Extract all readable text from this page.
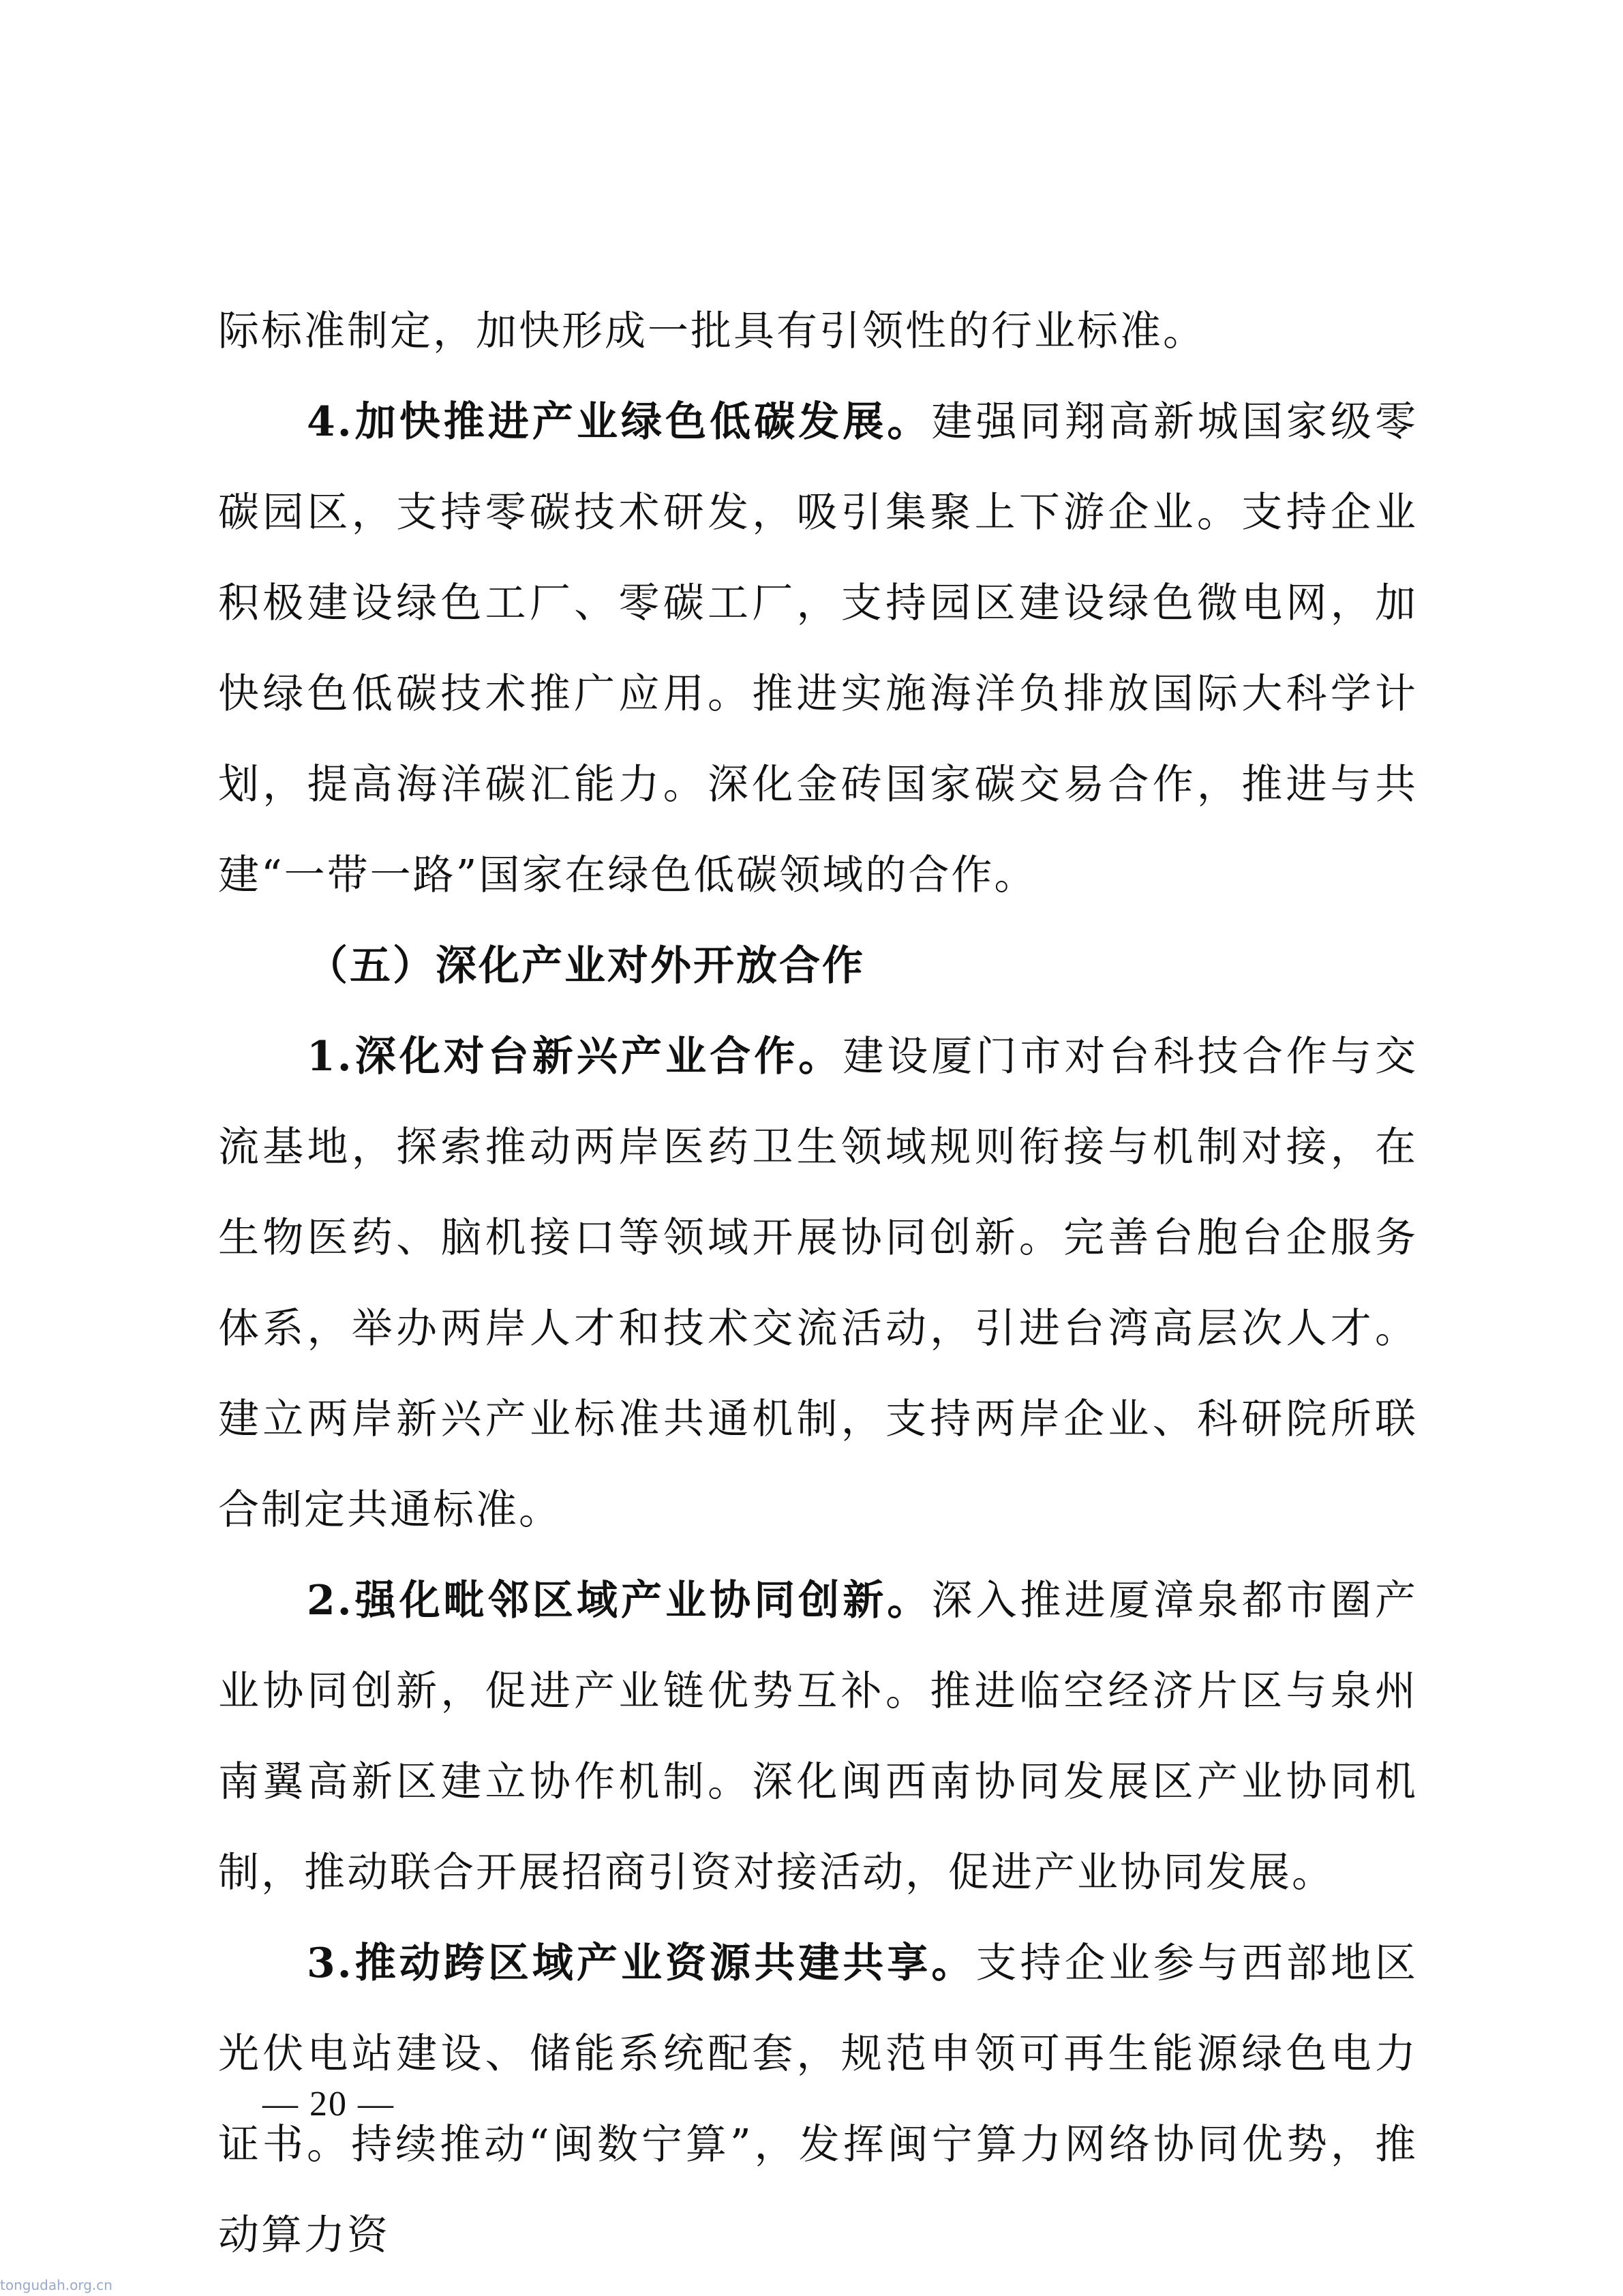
际标准制定，加快形成一批具有引领性的行业标准。

4.加快推进产业绿色低碳发展。建强同翔高新城国家级零碳园区，支持零碳技术研发，吸引集聚上下游企业。支持企业积极建设绿色工厂、零碳工厂，支持园区建设绿色微电网，加快绿色低碳技术推广应用。推进实施海洋负排放国际大科学计划，提高海洋碳汇能力。深化金砖国家碳交易合作，推进与共建“一带一路”国家在绿色低碳领域的合作。

（五）深化产业对外开放合作

1.深化对台新兴产业合作。建设厦门市对台科技合作与交流基地，探索推动两岸医药卫生领域规则衔接与机制对接，在生物医药、脑机接口等领域开展协同创新。完善台胞台企服务体系，举办两岸人才和技术交流活动，引进台湾高层次人才。建立两岸新兴产业标准共通机制，支持两岸企业、科研院所联合制定共通标准。

2.强化毗邻区域产业协同创新。深入推进厦漳泉都市圈产业协同创新，促进产业链优势互补。推进临空经济片区与泉州南翼高新区建立协作机制。深化闽西南协同发展区产业协同机制，推动联合开展招商引资对接活动，促进产业协同发展。

3.推动跨区域产业资源共建共享。支持企业参与西部地区光伏电站建设、储能系统配套，规范申领可再生能源绿色电力证书。持续推动“闽数宁算”，发挥闽宁算力网络协同优势，推动算力资

— 20 —
tongudah.org.cn
